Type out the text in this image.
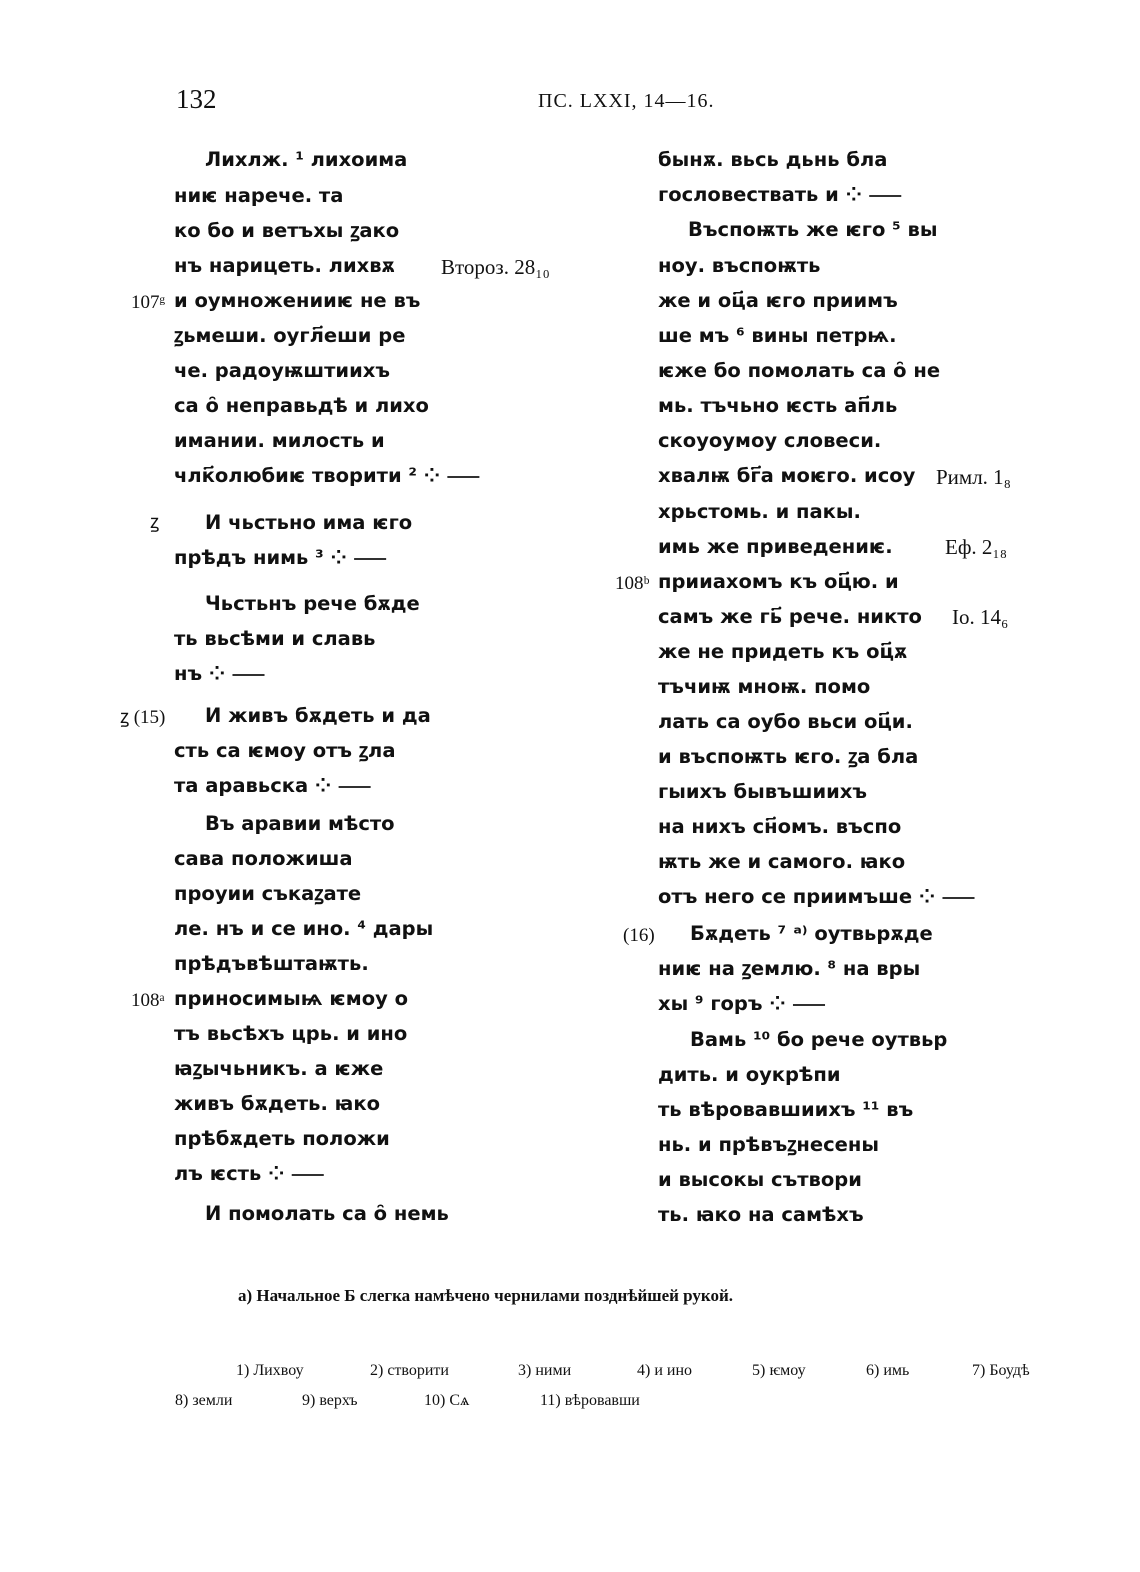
132	ПС. LXXI, 14—16.
Лихлж. ¹ лихоимa
ниѥ нарече. та
ко бо и ветъхы ꙁако
нъ нарицеть. лихвѫ
и оумноженииѥ не въ
ꙁьмеши. оугл҃еши ре
че. радоуѭштиихъ
са о̑ неправьдѣ и лихо
имании. милость и
члк҃олюбиѥ творити ² ⁘ ⸺
И чьстьно има ѥго
прѣдъ нимь ³ ⁘ ⸺
Чьстьнъ рече бѫде
ть вьсѣми и славь
нъ ⁘ ⸺
И живъ бѫдеть и да
сть са ѥмоу отъ ꙁла
та аравьска ⁘ ⸺
Въ аравии мѣсто
сава положиша
проуии съкаꙁате
ле. нъ и се ино. ⁴ дары
прѣдъвѣштаѭть.
приносимыѩ ѥмоу о
тъ вьсѣхъ црь. и ино
ꙗꙁычьникъ. а ѥже
живъ бѫдеть. ꙗко
прѣбѫдеть положи
лъ ѥсть ⁘ ⸺
И помолать са о̑ немь
бынѫ. вьсь дьнь бла
гословествать и ⁘ ⸺
Въспоѭть же ѥго ⁵ вы
ноу. въспоѭть
же и оц҃а ѥго приимъ
ше мъ ⁶ вины петрѩ.
ѥже бо помолать са о̑ не
мь. тъчьно ѥсть ап҃ль
скоуоумоу словеси.
хвалѭ бг҃а моѥго. исоу
хрьстомь. и пакы.
имь же приведениѥ.
прииахомъ къ оц҃ю. и
самъ же гь҃ рече. никто
же не придеть къ оц҃ѫ
тъчиѭ мноѭ. помо
лать са оубо вьси оц҃и.
и въспоѭть ѥго. ꙁа бла
гыихъ бывъшиихъ
на нихъ сн҃омъ. въспо
ѭть же и самого. ꙗко
отъ него се приимъше ⁘ ⸺
Бѫдеть ⁷ ᵃ⁾ оутвьрѫде
ниѥ на ꙁемлю. ⁸ на вры
хы ⁹ горъ ⁘ ⸺
Вамь ¹⁰ бо рече оутвьр
дить. и оукрѣпи
ть вѣровавшиихъ ¹¹ въ
нь. и прѣвъꙁнесены
и высокы сътвори
ть. ꙗко на самѣхъ
107ᵍ
ꙁ
ꙁ (15)
108ᵃ
108ᵇ
(16)
Второз. 28₁₀
Римл. 1₈
Еф. 2₁₈
Іо. 14₆
а) Начальное Б слегка намѣчено чернилами позднѣйшей рукой.
1) Лихвоу	2) створити	3) ними	4) и ино	5) ѥмоу	6) имь	7) Боудѣ
8) земли	9) верхъ	10) Сѧ	11) вѣровавши
